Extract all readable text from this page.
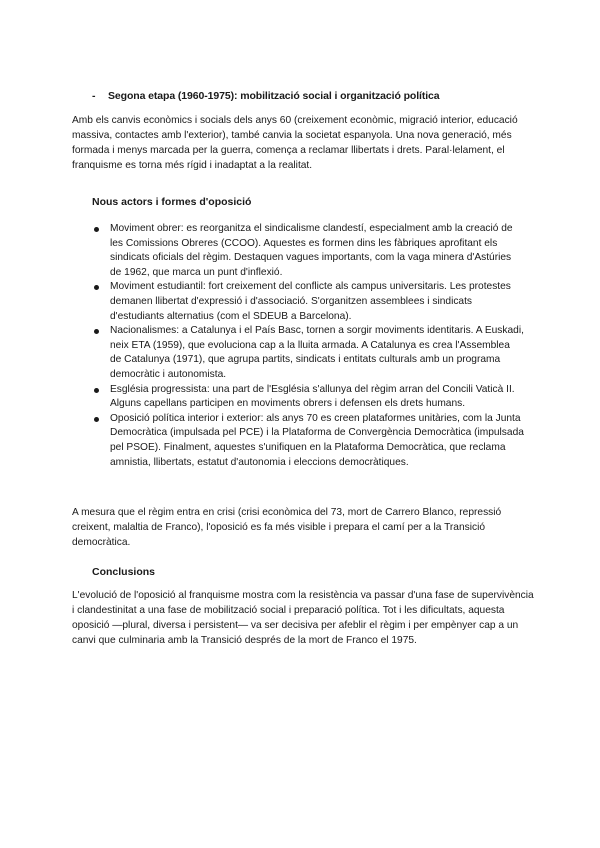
- Segona etapa (1960-1975): mobilització social i organització política

Amb els canvis econòmics i socials dels anys 60 (creixement econòmic, migració interior, educació massiva, contactes amb l'exterior), també canvia la societat espanyola. Una nova generació, més formada i menys marcada per la guerra, comença a reclamar llibertats i drets. Paral·lelament, el franquisme es torna més rígid i inadaptat a la realitat.

Nous actors i formes d'oposició
Moviment obrer: es reorganitza el sindicalisme clandestí, especialment amb la creació de les Comissions Obreres (CCOO). Aquestes es formen dins les fàbriques aprofitant els sindicats oficials del règim. Destaquen vagues importants, com la vaga minera d'Astúries de 1962, que marca un punt d'inflexió.
Moviment estudiantil: fort creixement del conflicte als campus universitaris. Les protestes demanen llibertat d'expressió i d'associació. S'organitzen assemblees i sindicats d'estudiants alternatius (com el SDEUB a Barcelona).
Nacionalismes: a Catalunya i el País Basc, tornen a sorgir moviments identitaris. A Euskadi, neix ETA (1959), que evoluciona cap a la lluita armada. A Catalunya es crea l'Assemblea de Catalunya (1971), que agrupa partits, sindicats i entitats culturals amb un programa democràtic i autonomista.
Església progressista: una part de l'Església s'allunya del règim arran del Concili Vaticà II. Alguns capellans participen en moviments obrers i defensen els drets humans.
Oposició política interior i exterior: als anys 70 es creen plataformes unitàries, com la Junta Democràtica (impulsada pel PCE) i la Plataforma de Convergència Democràtica (impulsada pel PSOE). Finalment, aquestes s'unifiquen en la Plataforma Democràtica, que reclama amnistia, llibertats, estatut d'autonomia i eleccions democràtiques.

A mesura que el règim entra en crisi (crisi econòmica del 73, mort de Carrero Blanco, repressió creixent, malaltia de Franco), l'oposició es fa més visible i prepara el camí per a la Transició democràtica.

Conclusions

L'evolució de l'oposició al franquisme mostra com la resistència va passar d'una fase de supervivència i clandestinitat a una fase de mobilització social i preparació política. Tot i les dificultats, aquesta oposició —plural, diversa i persistent— va ser decisiva per afeblir el règim i per empènyer cap a un canvi que culminaria amb la Transició després de la mort de Franco el 1975.
